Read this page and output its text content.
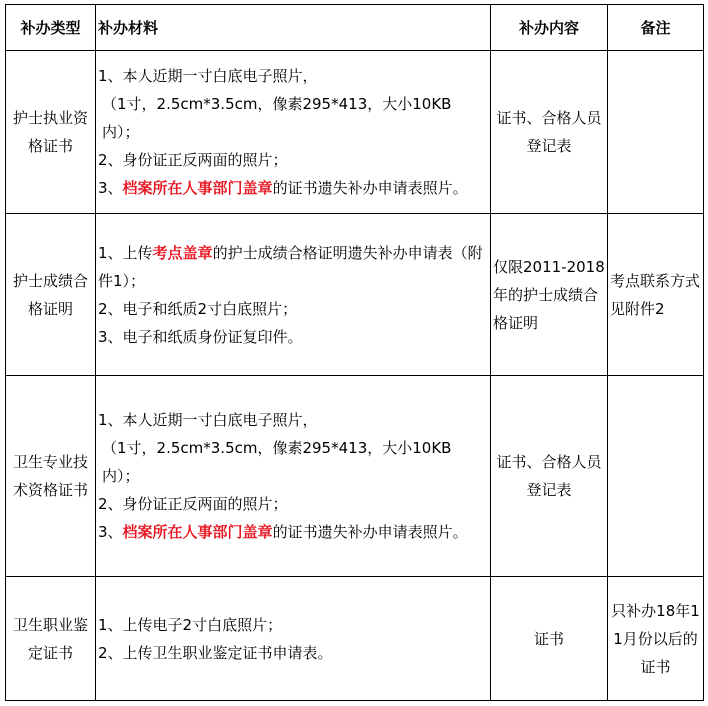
补办类型	补办材料	补办内容	备注
护士执业资格证书	1、本人近期一寸白底电子照片，
（1寸，2.5cm*3.5cm，像素295*413，大小10KB内）；
2、身份证正反两面的照片；
3、档案所在人事部门盖章的证书遗失补办申请表照片。	证书、合格人员登记表	
护士成绩合格证明	1、上传考点盖章的护士成绩合格证明遗失补办申请表（附件1）；
2、电子和纸质2寸白底照片；
3、电子和纸质身份证复印件。	仅限2011-2018年的护士成绩合格证明	考点联系方式见附件2
卫生专业技术资格证书	1、本人近期一寸白底电子照片，
（1寸，2.5cm*3.5cm，像素295*413，大小10KB内）；
2、身份证正反两面的照片；
3、档案所在人事部门盖章的证书遗失补办申请表照片。	证书、合格人员登记表	
卫生职业鉴定证书	1、上传电子2寸白底照片；
2、上传卫生职业鉴定证书申请表。	证书	只补办18年11月份以后的证书
